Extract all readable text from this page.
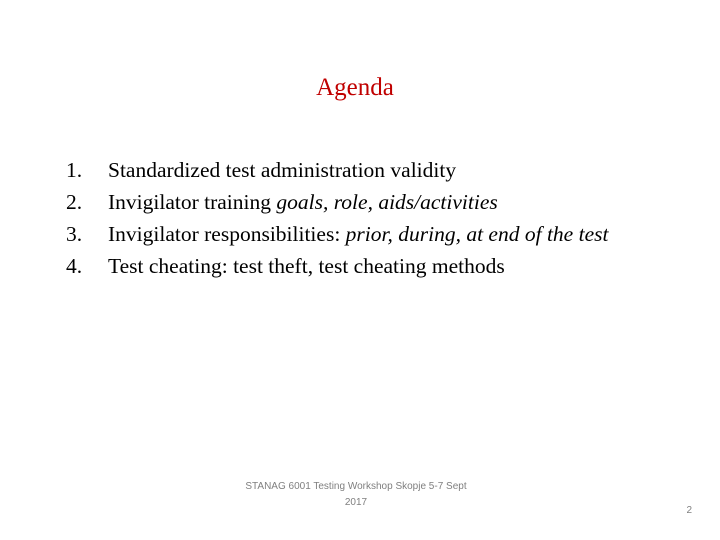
Agenda
1.	Standardized test administration validity
2.	Invigilator training goals, role, aids/activities
3.	Invigilator responsibilities: prior, during, at end of the test
4.	Test cheating: test theft, test cheating methods
STANAG 6001 Testing Workshop Skopje 5-7 Sept 2017
2
